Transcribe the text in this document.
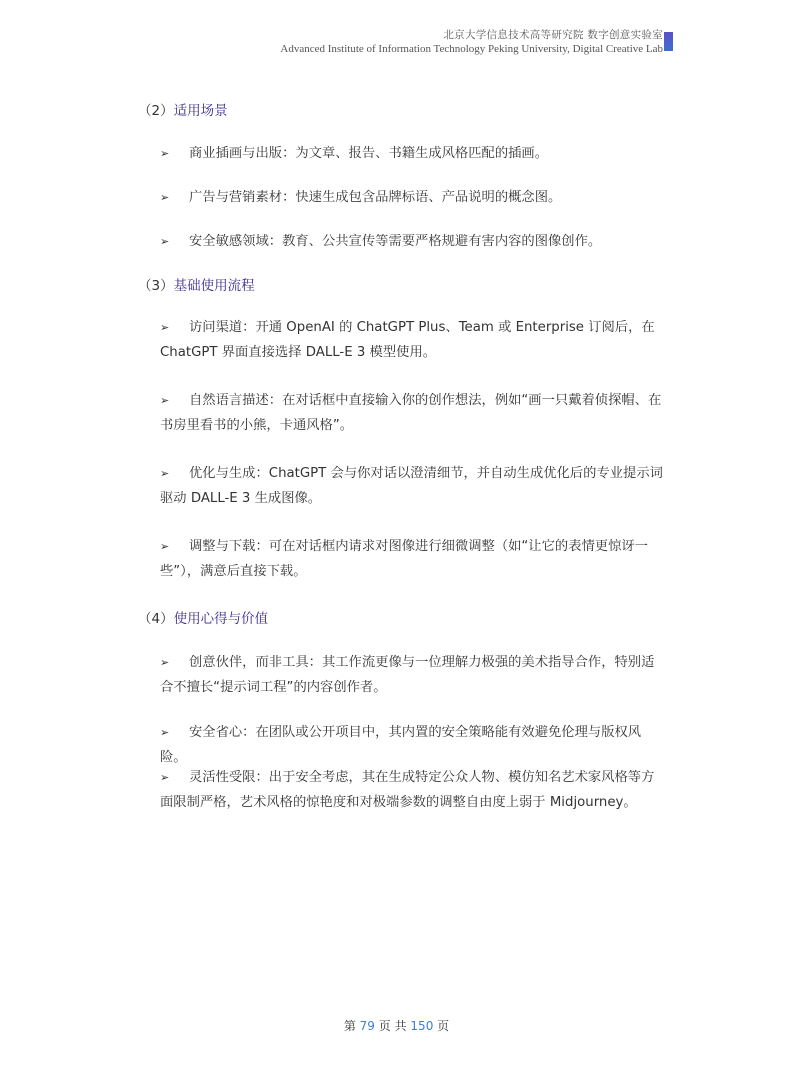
北京大学信息技术高等研究院 数字创意实验室
Advanced Institute of Information Technology Peking University, Digital Creative Lab
（2）适用场景
➢ 商业插画与出版：为文章、报告、书籍生成风格匹配的插画。
➢ 广告与营销素材：快速生成包含品牌标语、产品说明的概念图。
➢ 安全敏感领域：教育、公共宣传等需要严格规避有害内容的图像创作。
（3）基础使用流程
➢ 访问渠道：开通 OpenAI 的 ChatGPT Plus、Team 或 Enterprise 订阅后，在 ChatGPT 界面直接选择 DALL-E 3 模型使用。
➢ 自然语言描述：在对话框中直接输入你的创作想法，例如“画一只戴着侦探帽、在书房里看书的小熊，卡通风格”。
➢ 优化与生成：ChatGPT 会与你对话以澄清细节，并自动生成优化后的专业提示词驱动 DALL-E 3 生成图像。
➢ 调整与下载：可在对话框内请求对图像进行细微调整（如“让它的表情更惊讶一些”），满意后直接下载。
（4）使用心得与价值
➢ 创意伙伴，而非工具：其工作流更像与一位理解力极强的美术指导合作，特别适合不擅长“提示词工程”的内容创作者。
➢ 安全省心：在团队或公开项目中，其内置的安全策略能有效避免伦理与版权风险。
➢ 灵活性受限：出于安全考虑，其在生成特定公众人物、模仿知名艺术家风格等方面限制严格，艺术风格的惊艳度和对极端参数的调整自由度上弱于 Midjourney。
第 79 页 共 150 页
